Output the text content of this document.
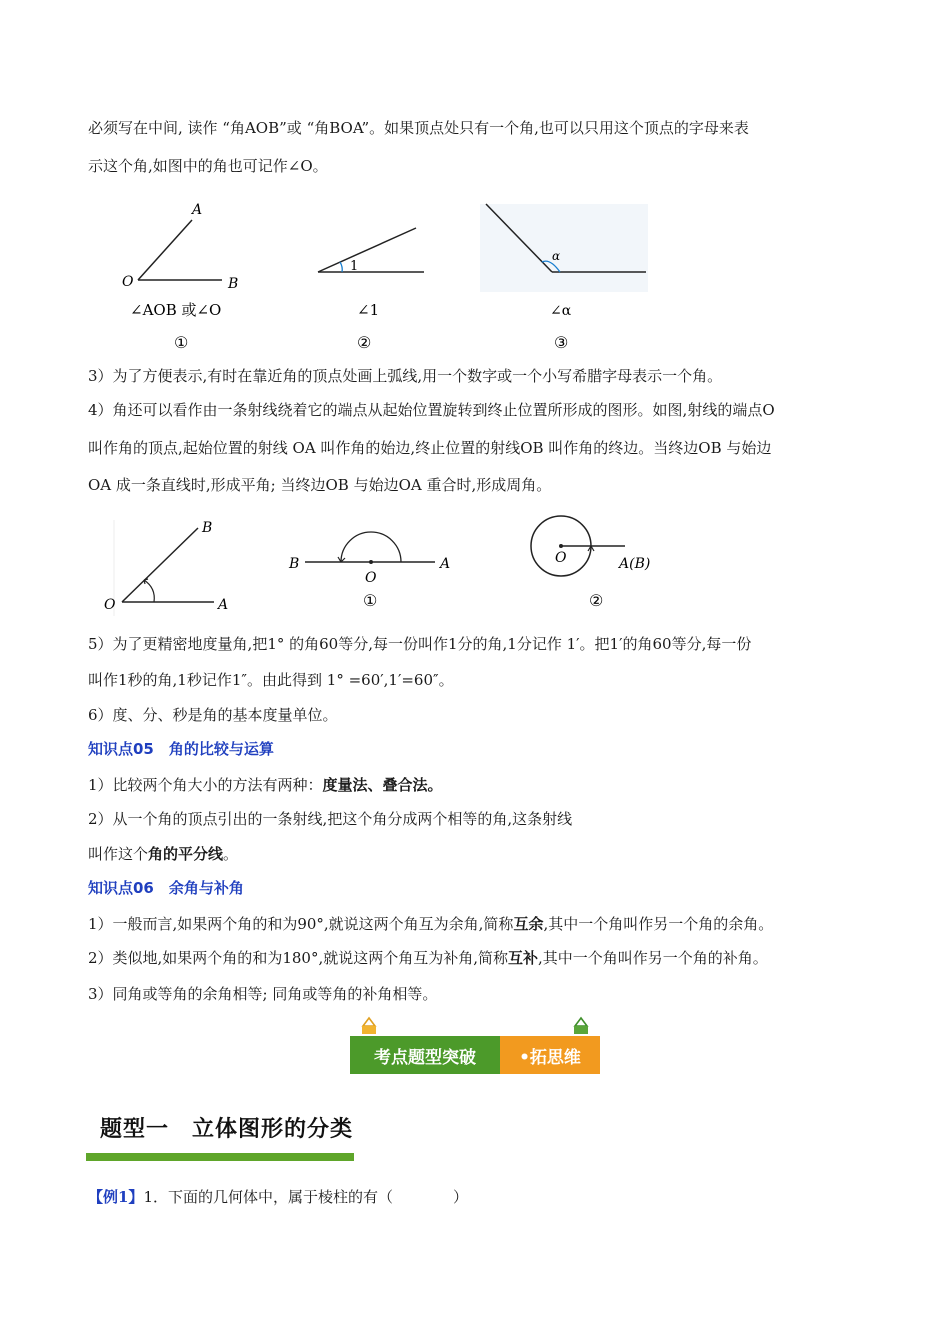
必须写在中间, 读作 “角AOB”或 “角BOA”。如果顶点处只有一个角,也可以只用这个顶点的字母来表
示这个角,如图中的角也可记作∠O。
A
O	B
∠AOB 或∠O
①
1
∠1
②
α
∠α
③
3）为了方便表示,有时在靠近角的顶点处画上弧线,用一个数字或一个小写希腊字母表示一个角。
4）角还可以看作由一条射线绕着它的端点从起始位置旋转到终止位置所形成的图形。如图,射线的端点O
叫作角的顶点,起始位置的射线 OA 叫作角的始边,终止位置的射线OB 叫作角的终边。当终边OB 与始边
OA 成一条直线时,形成平角; 当终边OB 与始边OA 重合时,形成周角。
B
O	A
B
O
A
①
O	A(B)
②
5）为了更精密地度量角,把1° 的角60等分,每一份叫作1分的角,1分记作 1′。把1′的角60等分,每一份
叫作1秒的角,1秒记作1″。由此得到 1° =60′,1′=60″。
6）度、分、秒是角的基本度量单位。
知识点05　角的比较与运算
1）比较两个角大小的方法有两种：度量法、叠合法。
2）从一个角的顶点引出的一条射线,把这个角分成两个相等的角,这条射线
叫作这个角的平分线。
知识点06　余角与补角
1）一般而言,如果两个角的和为90°,就说这两个角互为余角,简称互余,其中一个角叫作另一个角的余角。
2）类似地,如果两个角的和为180°,就说这两个角互为补角,简称互补,其中一个角叫作另一个角的补角。
3）同角或等角的余角相等; 同角或等角的补角相等。
考点题型突破	•拓思维
题型一　立体图形的分类
【例1】1．下面的几何体中，属于棱柱的有（　　　　）
